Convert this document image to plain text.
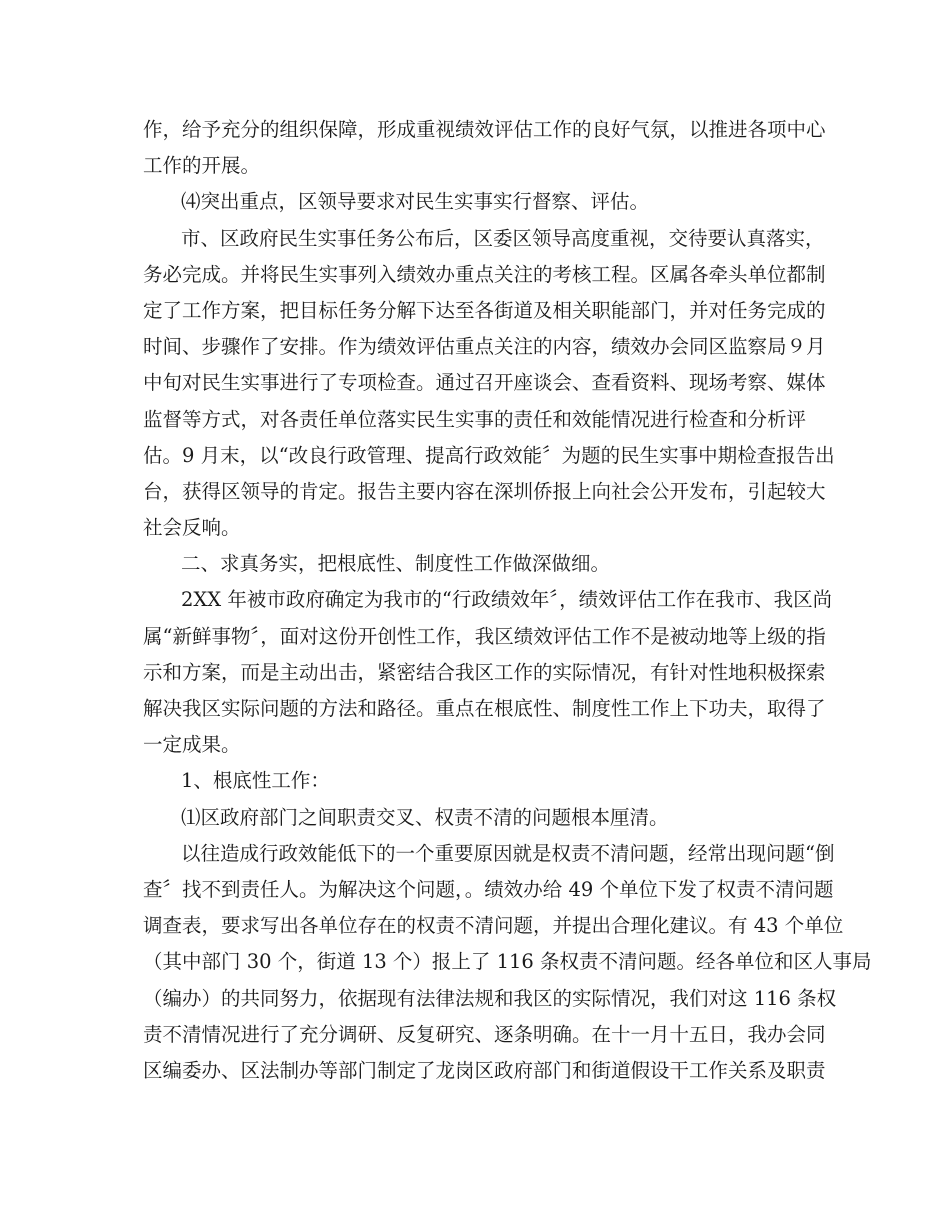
作，给予充分的组织保障，形成重视绩效评估工作的良好气氛，以推进各项中心
工作的开展。
⑷突出重点，区领导要求对民生实事实行督察、评估。
市、区政府民生实事任务公布后，区委区领导高度重视，交待要认真落实，
务必完成。并将民生实事列入绩效办重点关注的考核工程。区属各牵头单位都制
定了工作方案，把目标任务分解下达至各街道及相关职能部门，并对任务完成的
时间、步骤作了安排。作为绩效评估重点关注的内容，绩效办会同区监察局９月
中旬对民生实事进行了专项检查。通过召开座谈会、查看资料、现场考察、媒体
监督等方式，对各责任单位落实民生实事的责任和效能情况进行检查和分析评
估。9 月末，以“改良行政管理、提高行政效能〞为题的民生实事中期检查报告出
台，获得区领导的肯定。报告主要内容在深圳侨报上向社会公开发布，引起较大
社会反响。
二、求真务实，把根底性、制度性工作做深做细。
2XX 年被市政府确定为我市的“行政绩效年〞，绩效评估工作在我市、我区尚
属“新鲜事物〞，面对这份开创性工作，我区绩效评估工作不是被动地等上级的指
示和方案，而是主动出击，紧密结合我区工作的实际情况，有针对性地积极探索
解决我区实际问题的方法和路径。重点在根底性、制度性工作上下功夫，取得了
一定成果。
1、根底性工作：
⑴区政府部门之间职责交叉、权责不清的问题根本厘清。
以往造成行政效能低下的一个重要原因就是权责不清问题，经常出现问题“倒
查〞找不到责任人。为解决这个问题，。绩效办给 49 个单位下发了权责不清问题
调查表，要求写出各单位存在的权责不清问题，并提出合理化建议。有 43 个单位
（其中部门 30 个，街道 13 个）报上了 116 条权责不清问题。经各单位和区人事局
（编办）的共同努力，依据现有法律法规和我区的实际情况，我们对这 116 条权
责不清情况进行了充分调研、反复研究、逐条明确。在十一月十五日，我办会同
区编委办、区法制办等部门制定了龙岗区政府部门和街道假设干工作关系及职责
